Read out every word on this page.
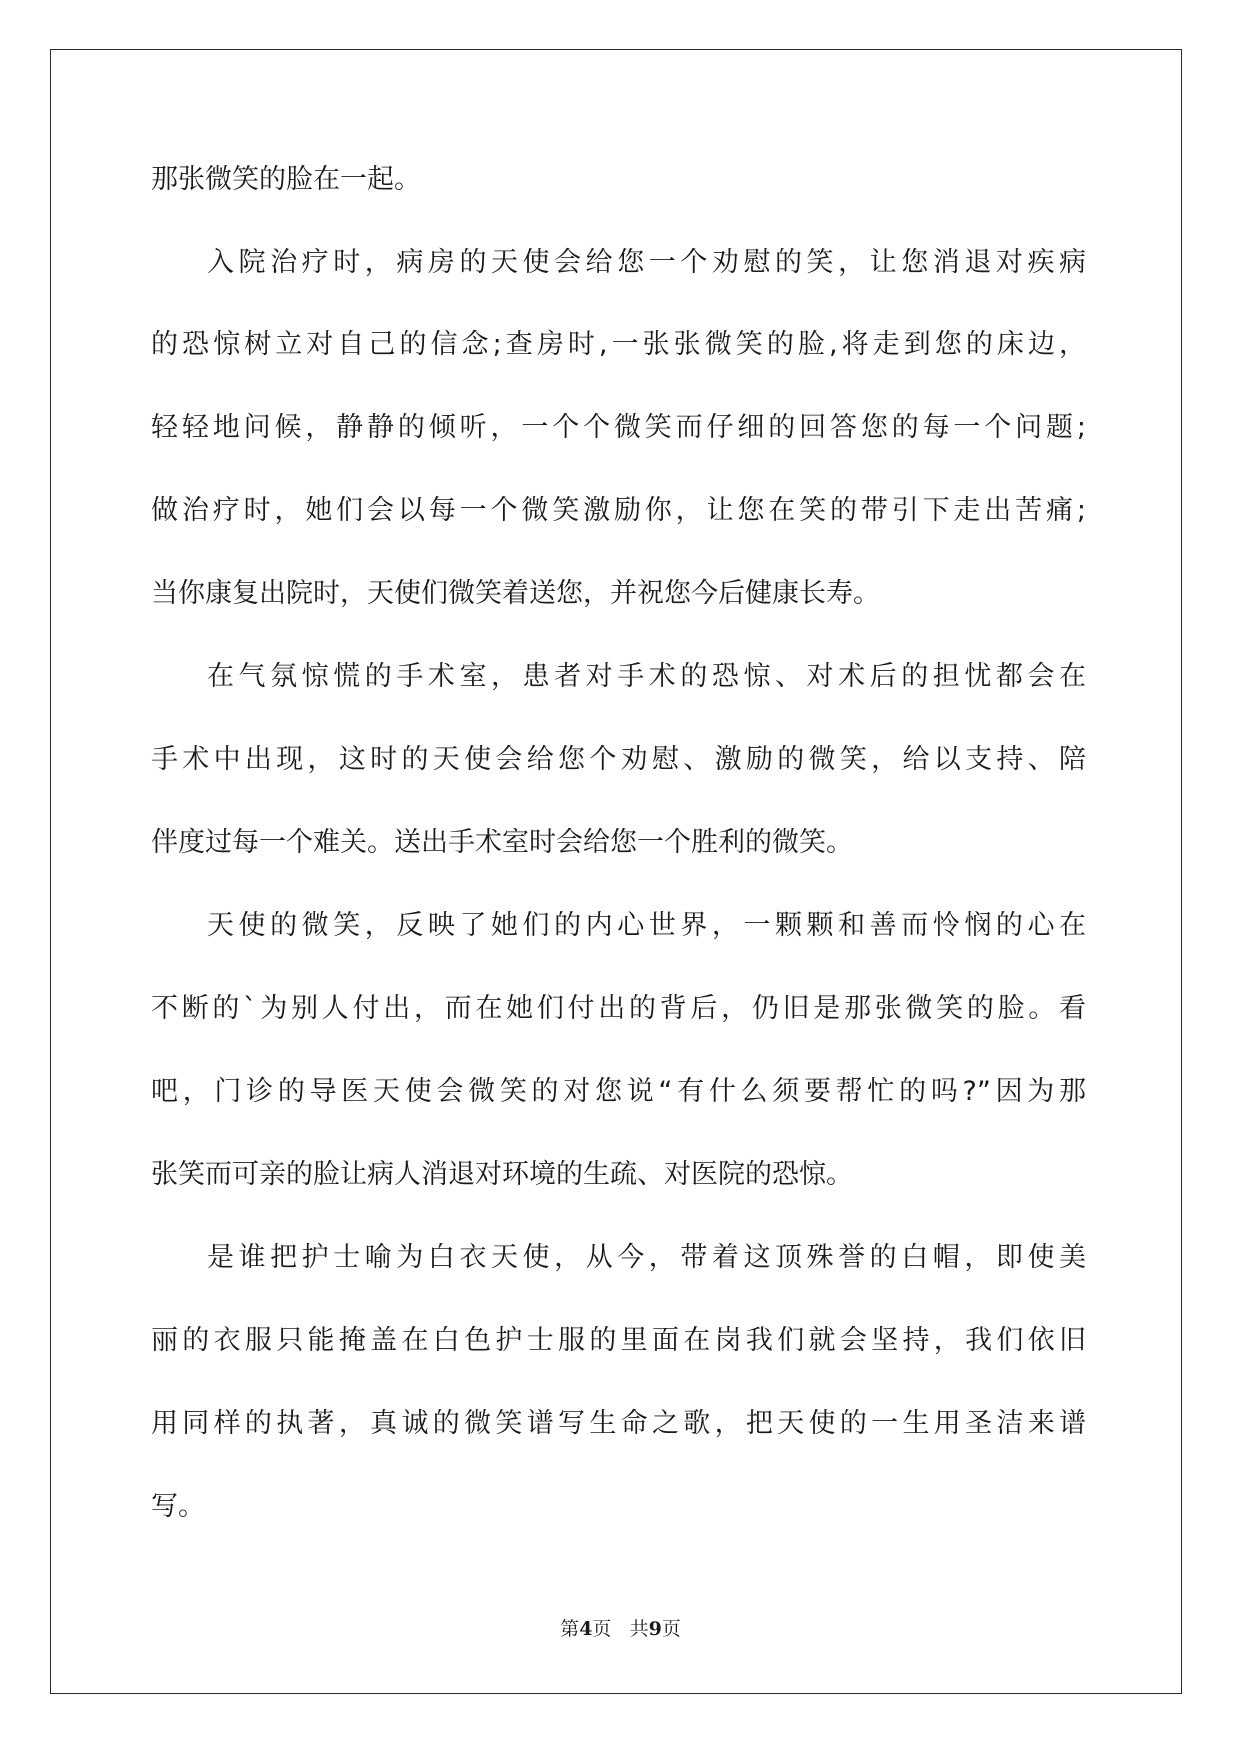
那张微笑的脸在一起。
入院治疗时，病房的天使会给您一个劝慰的笑，让您消退对疾病
的恐惊树立对自己的信念;查房时,一张张微笑的脸,将走到您的床边，
轻轻地问候，静静的倾听，一个个微笑而仔细的回答您的每一个问题;
做治疗时，她们会以每一个微笑激励你，让您在笑的带引下走出苦痛;
当你康复出院时，天使们微笑着送您，并祝您今后健康长寿。
在气氛惊慌的手术室，患者对手术的恐惊、对术后的担忧都会在
手术中出现，这时的天使会给您个劝慰、激励的微笑，给以支持、陪
伴度过每一个难关。送出手术室时会给您一个胜利的微笑。
天使的微笑，反映了她们的内心世界，一颗颗和善而怜悯的心在
不断的`为别人付出，而在她们付出的背后，仍旧是那张微笑的脸。看
吧，门诊的导医天使会微笑的对您说“有什么须要帮忙的吗?”因为那
张笑而可亲的脸让病人消退对环境的生疏、对医院的恐惊。
是谁把护士喻为白衣天使，从今，带着这顶殊誉的白帽，即使美
丽的衣服只能掩盖在白色护士服的里面在岗我们就会坚持，我们依旧
用同样的执著，真诚的微笑谱写生命之歌，把天使的一生用圣洁来谱
写。
第4页 共9页
